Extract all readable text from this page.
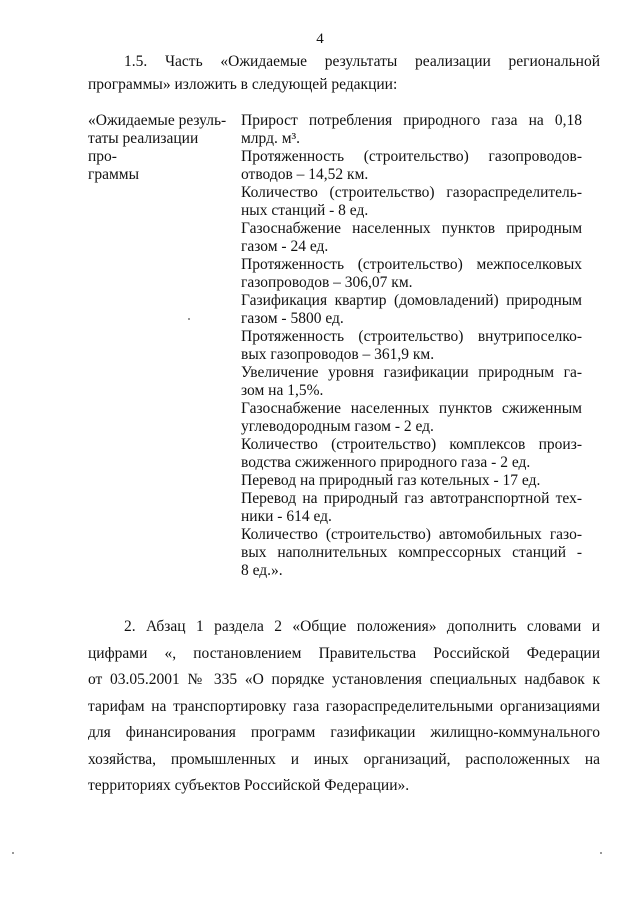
4
1.5. Часть «Ожидаемые результаты реализации региональной
программы» изложить в следующей редакции:
«Ожидаемые резуль-
таты реализации про-
граммы
Прирост потребления природного газа на 0,18
млрд. м³.
Протяженность (строительство) газопроводов-
отводов – 14,52 км.
Количество (строительство) газораспределитель-
ных станций - 8 ед.
Газоснабжение населенных пунктов природным
газом - 24 ед.
Протяженность (строительство) межпоселковых
газопроводов – 306,07 км.
Газификация квартир (домовладений) природным
газом - 5800 ед.
Протяженность (строительство) внутрипоселко-
вых газопроводов – 361,9 км.
Увеличение уровня газификации природным га-
зом на 1,5%.
Газоснабжение населенных пунктов сжиженным
углеводородным газом - 2 ед.
Количество (строительство) комплексов произ-
водства сжиженного природного газа - 2 ед.
Перевод на природный газ котельных - 17 ед.
Перевод на природный газ автотранспортной тех-
ники - 614 ед.
Количество (строительство) автомобильных газо-
вых наполнительных компрессорных станций -
8 ед.».
2. Абзац 1 раздела 2 «Общие положения» дополнить словами и
цифрами «, постановлением Правительства Российской Федерации
от 03.05.2001 № 335 «О порядке установления специальных надбавок к
тарифам на транспортировку газа газораспределительными организациями
для финансирования программ газификации жилищно-коммунального
хозяйства, промышленных и иных организаций, расположенных на
территориях субъектов Российской Федерации».
